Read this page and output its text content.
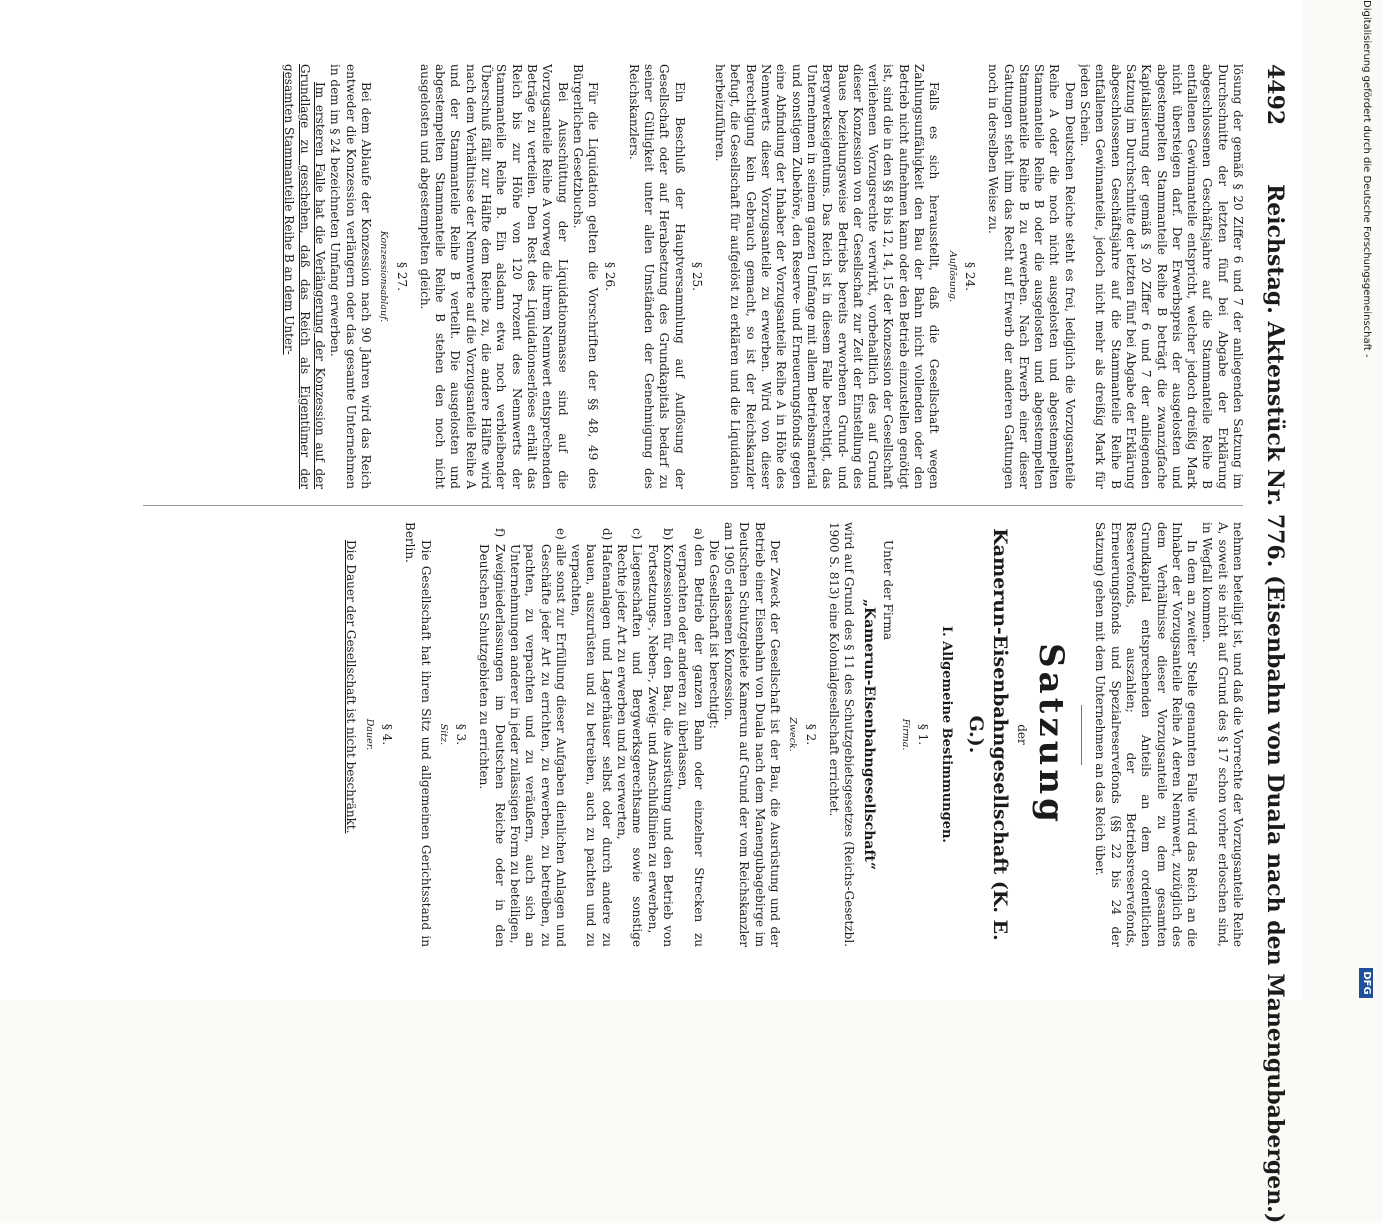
Digitalisierung gefördert durch die Deutsche Forschungsgemeinschaft -
DFG
4492
Reichstag. Aktenstück Nr. 776. (Eisenbahn von Duala nach den Manengubabergen.)

lösung der gemäß § 20 Ziffer 6 und 7 der anliegenden Satzung im Durchschnitte der letzten fünf bei Abgabe der Erklärung abgeschlossenen Geschäftsjahre auf die Stammanteile Reihe B entfallenen Gewinnanteile entspricht, welcher jedoch dreißig Mark nicht übersteigen darf. Der Erwerbspreis der ausgelosten und abgestempelten Stammanteile Reihe B beträgt die zwanzigfache Kapitalisierung der gemäß § 20 Ziffer 6 und 7 der anliegenden Satzung im Durchschnitte der letzten fünf bei Abgabe der Erklärung abgeschlossenen Geschäftsjahre auf die Stammanteile Reihe B entfallenen Gewinnanteile, jedoch nicht mehr als dreißig Mark für jeden Schein.

Dem Deutschen Reiche steht es frei, lediglich die Vorzugsanteile Reihe A oder die noch nicht ausgelosten und abgestempelten Stammanteile Reihe B oder die ausgelosten und abgestempelten Stammanteile Reihe B zu erwerben. Nach Erwerb einer dieser Gattungen steht ihm das Recht auf Erwerb der anderen Gattungen noch in derselben Weise zu.

§ 24.

Auflösung.

Falls es sich herausstellt, daß die Gesellschaft wegen Zahlungsunfähigkeit den Bau der Bahn nicht vollenden oder den Betrieb nicht aufnehmen kann oder den Betrieb einzustellen genötigt ist, sind die in den §§ 8 bis 12, 14, 15 der Konzession der Gesellschaft verliehenen Vorzugsrechte verwirkt, vorbehaltlich des auf Grund dieser Konzession von der Gesellschaft zur Zeit der Einstellung des Baues beziehungsweise Betriebs bereits erworbenen Grund- und Bergwerkseigentums. Das Reich ist in diesem Falle berechtigt, das Unternehmen in seinem ganzen Umfange mit allem Betriebsmaterial und sonstigem Zubehöre, den Reserve- und Erneuerungsfonds gegen eine Abfindung der Inhaber der Vorzugsanteile Reihe A in Höhe des Nennwerts dieser Vorzugsanteile zu erwerben. Wird von dieser Berechtigung kein Gebrauch gemacht, so ist der Reichskanzler befugt, die Gesellschaft für aufgelöst zu erklären und die Liquidation herbeizuführen.

§ 25.

Ein Beschluß der Hauptversammlung auf Auflösung der Gesellschaft oder auf Herabsetzung des Grundkapitals bedarf zu seiner Gültigkeit unter allen Umständen der Genehmigung des Reichskanzlers.

§ 26.

Für die Liquidation gelten die Vorschriften der §§ 48, 49 des Bürgerlichen Gesetzbuchs.

Bei Ausschüttung der Liquidationsmasse sind auf die Vorzugsanteile Reihe A vorweg die ihrem Nennwert entsprechenden Beträge zu verteilen. Den Rest des Liquidationserlöses erhält das Reich bis zur Höhe von 120 Prozent des Nennwerts der Stammanteile Reihe B. Ein alsdann etwa noch verbleibender Überschuß fällt zur Hälfte dem Reiche zu, die andere Hälfte wird nach dem Verhältnisse der Nennwerte auf die Vorzugsanteile Reihe A und der Stammanteile Reihe B verteilt. Die ausgelosten und abgestempelten Stammanteile Reihe B stehen den noch nicht ausgelosten und abgestempelten gleich.

§ 27.

Konzessionsablauf.

Bei dem Ablaufe der Konzession nach 90 Jahren wird das Reich entweder die Konzession verlängern oder das gesamte Unternehmen in dem im § 24 bezeichneten Umfang erwerben.

Im ersteren Falle hat die Verlängerung der Konzession auf der Grundlage zu geschehen, daß das Reich als Eigentümer der gesamten Stammanteile Reihe B an dem Unter-

nehmen beteiligt ist, und daß die Vorrechte der Vorzugsanteile Reihe A, soweit sie nicht auf Grund des § 17 schon vorher erloschen sind, in Wegfall kommen.

In dem an zweiter Stelle genannten Falle wird das Reich an die Inhaber der Vorzugsanteile Reihe A deren Nennwert, zuzüglich des dem Verhältnisse dieser Vorzugsanteile zu dem gesamten Grundkapital entsprechenden Anteils an dem ordentlichen Reservefonds, auszahlen; der Betriebsreservefonds, Erneuerungsfonds und Spezialreservefonds (§§ 22 bis 24 der Satzung) gehen mit dem Unternehmen an das Reich über.

Satzung

der

Kamerun-Eisenbahngesellschaft (K. E. G.).

I. Allgemeine Bestimmungen.

§ 1.

Firma.

Unter der Firma

„Kamerun-Eisenbahngesellschaft“

wird auf Grund des § 11 des Schutzgebietsgesetzes (Reichs-Gesetzbl. 1900 S. 813) eine Kolonialgesellschaft errichtet.

§ 2.

Zweck.

Der Zweck der Gesellschaft ist der Bau, die Ausrüstung und der Betrieb einer Eisenbahn von Duala nach dem Manengubagebirge im Deutschen Schutzgebiete Kamerun auf Grund der vom Reichskanzler am 1905 erlassenen Konzession.

Die Gesellschaft ist berechtigt:

a)
den Betrieb der ganzen Bahn oder einzelner Strecken zu verpachten oder anderen zu überlassen,

b)
Konzessionen für den Bau, die Ausrüstung und den Betrieb von Fortsetzungs-, Neben-, Zweig- und Anschlußlinien zu erwerben,

c)
Liegenschaften und Bergwerksgerechtsame sowie sonstige Rechte jeder Art zu erwerben und zu verwerten,

d)
Hafenanlagen und Lagerhäuser selbst oder durch andere zu bauen, auszurüsten und zu betreiben, auch zu pachten und zu verpachten,

e)
alle sonst zur Erfüllung dieser Aufgaben dienlichen Anlagen und Geschäfte jeder Art zu errichten, zu erwerben, zu betreiben, zu pachten, zu verpachten und zu veräußern, auch sich an Unternehmungen anderer in jeder zulässigen Form zu beteiligen,

f)
Zweigniederlassungen im Deutschen Reiche oder in den Deutschen Schutzgebieten zu errichten.

§ 3.

Sitz.

Die Gesellschaft hat ihren Sitz und allgemeinen Gerichtsstand in Berlin.

§ 4.

Dauer.

Die Dauer der Gesellschaft ist nicht beschränkt.
